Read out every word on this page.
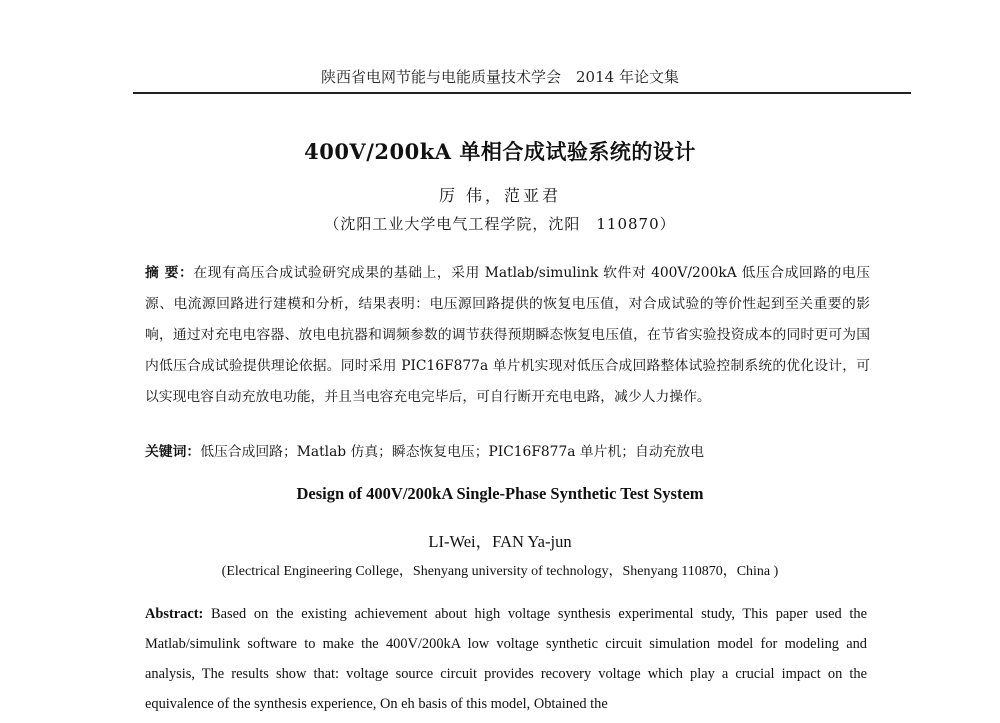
陕西省电网节能与电能质量技术学会　2014 年论文集
400V/200kA 单相合成试验系统的设计
厉 伟，范亚君
（沈阳工业大学电气工程学院，沈阳　110870）
摘 要：在现有高压合成试验研究成果的基础上，采用 Matlab/simulink 软件对 400V/200kA 低压合成回路的电压源、电流源回路进行建模和分析，结果表明：电压源回路提供的恢复电压值，对合成试验的等价性起到至关重要的影响，通过对充电电容器、放电电抗器和调频参数的调节获得预期瞬态恢复电压值，在节省实验投资成本的同时更可为国内低压合成试验提供理论依据。同时采用 PIC16F877a 单片机实现对低压合成回路整体试验控制系统的优化设计，可以实现电容自动充放电功能，并且当电容充电完毕后，可自行断开充电电路，减少人力操作。
关键词：低压合成回路；Matlab 仿真；瞬态恢复电压；PIC16F877a 单片机；自动充放电
Design of 400V/200kA Single-Phase Synthetic Test System
LI-Wei，FAN Ya-jun
(Electrical Engineering College，Shenyang university of technology，Shenyang 110870，China )
Abstract: Based on the existing achievement about high voltage synthesis experimental study, This paper used the Matlab/simulink software to make the 400V/200kA low voltage synthetic circuit simulation model for modeling and analysis, The results show that: voltage source circuit provides recovery voltage which play a crucial impact on the equivalence of the synthesis experience, On eh basis of this model, Obtained the
